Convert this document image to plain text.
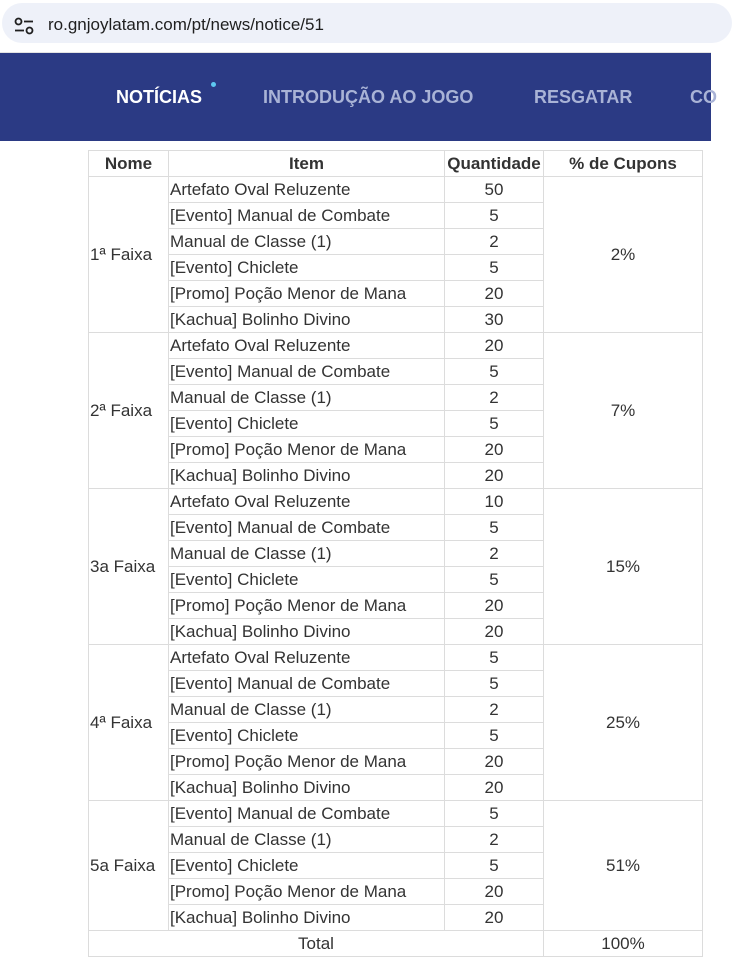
ro.gnjoylatam.com/pt/news/notice/51
NOTÍCIAS	INTRODUÇÃO AO JOGO	RESGATAR	CO
Nome	Item	Quantidade	% de Cupons
1ª Faixa	Artefato Oval Reluzente	50	2%
	[Evento] Manual de Combate	5	
	Manual de Classe (1)	2	
	[Evento] Chiclete	5	
	[Promo] Poção Menor de Mana	20	
	[Kachua] Bolinho Divino	30	
2ª Faixa	Artefato Oval Reluzente	20	7%
	[Evento] Manual de Combate	5	
	Manual de Classe (1)	2	
	[Evento] Chiclete	5	
	[Promo] Poção Menor de Mana	20	
	[Kachua] Bolinho Divino	20	
3a Faixa	Artefato Oval Reluzente	10	15%
	[Evento] Manual de Combate	5	
	Manual de Classe (1)	2	
	[Evento] Chiclete	5	
	[Promo] Poção Menor de Mana	20	
	[Kachua] Bolinho Divino	20	
4ª Faixa	Artefato Oval Reluzente	5	25%
	[Evento] Manual de Combate	5	
	Manual de Classe (1)	2	
	[Evento] Chiclete	5	
	[Promo] Poção Menor de Mana	20	
	[Kachua] Bolinho Divino	20	
5a Faixa	[Evento] Manual de Combate	5	51%
	Manual de Classe (1)	2	
	[Evento] Chiclete	5	
	[Promo] Poção Menor de Mana	20	
	[Kachua] Bolinho Divino	20	
Total			100%
